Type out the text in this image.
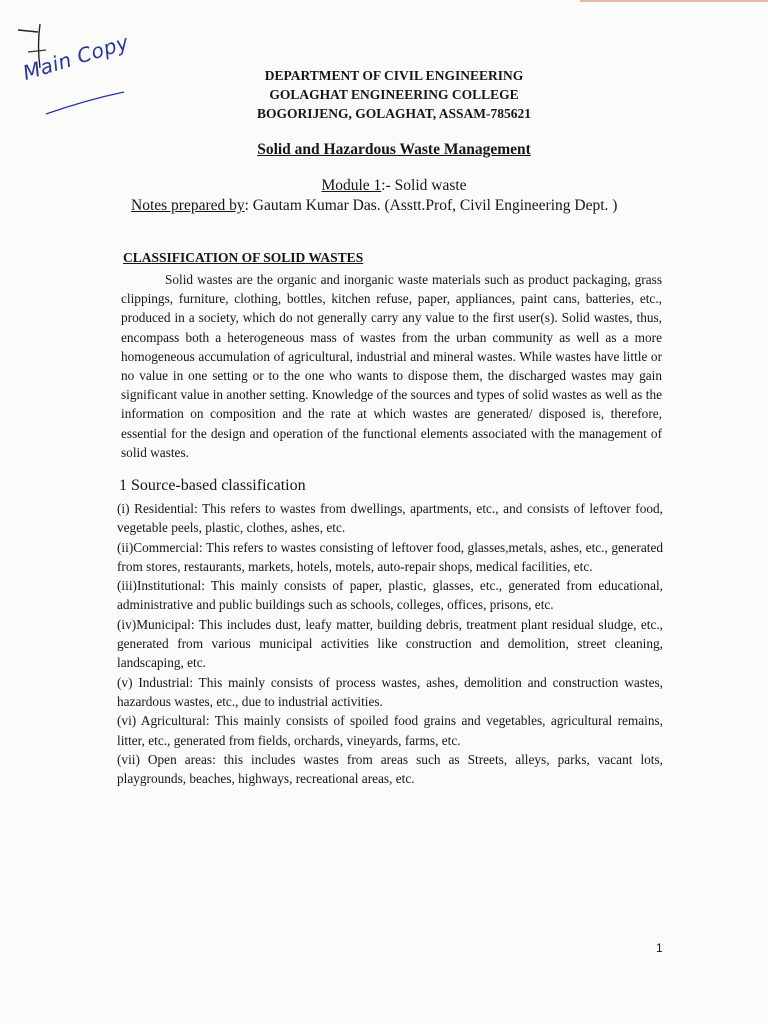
Main Copy	DEPARTMENT OF CIVIL ENGINEERING
GOLAGHAT ENGINEERING COLLEGE
BOGORIJENG, GOLAGHAT, ASSAM-785621
Solid and Hazardous Waste Management
Module 1:- Solid waste
Notes prepared by: Gautam Kumar Das. (Asstt.Prof, Civil Engineering Dept. )
CLASSIFICATION OF SOLID WASTES

Solid wastes are the organic and inorganic waste materials such as product packaging, grass clippings, furniture, clothing, bottles, kitchen refuse, paper, appliances, paint cans, batteries, etc., produced in a society, which do not generally carry any value to the first user(s). Solid wastes, thus, encompass both a heterogeneous mass of wastes from the urban community as well as a more homogeneous accumulation of agricultural, industrial and mineral wastes. While wastes have little or no value in one setting or to the one who wants to dispose them, the discharged wastes may gain significant value in another setting. Knowledge of the sources and types of solid wastes as well as the information on composition and the rate at which wastes are generated/ disposed is, therefore, essential for the design and operation of the functional elements associated with the management of solid wastes.

1 Source-based classification

(i) Residential: This refers to wastes from dwellings, apartments, etc., and consists of leftover food, vegetable peels, plastic, clothes, ashes, etc.

(ii)Commercial: This refers to wastes consisting of leftover food, glasses,metals, ashes, etc., generated from stores, restaurants, markets, hotels, motels, auto-repair shops, medical facilities, etc.

(iii)Institutional: This mainly consists of paper, plastic, glasses, etc., generated from educational, administrative and public buildings such as schools, colleges, offices, prisons, etc.

(iv)Municipal: This includes dust, leafy matter, building debris, treatment plant residual sludge, etc., generated from various municipal activities like construction and demolition, street cleaning, landscaping, etc.

(v) Industrial: This mainly consists of process wastes, ashes, demolition and construction wastes, hazardous wastes, etc., due to industrial activities.

(vi) Agricultural: This mainly consists of spoiled food grains and vegetables, agricultural remains, litter, etc., generated from fields, orchards, vineyards, farms, etc.

(vii) Open areas: this includes wastes from areas such as Streets, alleys, parks, vacant lots, playgrounds, beaches, highways, recreational areas, etc.

1
